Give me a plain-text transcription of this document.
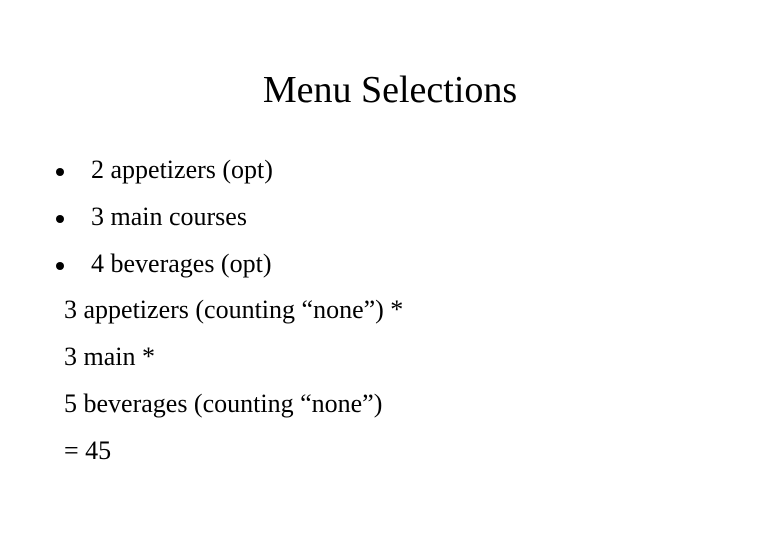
Menu Selections
2 appetizers (opt)
3 main courses
4 beverages (opt)
3 appetizers (counting “none”) *
3 main *
5 beverages (counting “none”)
= 45
